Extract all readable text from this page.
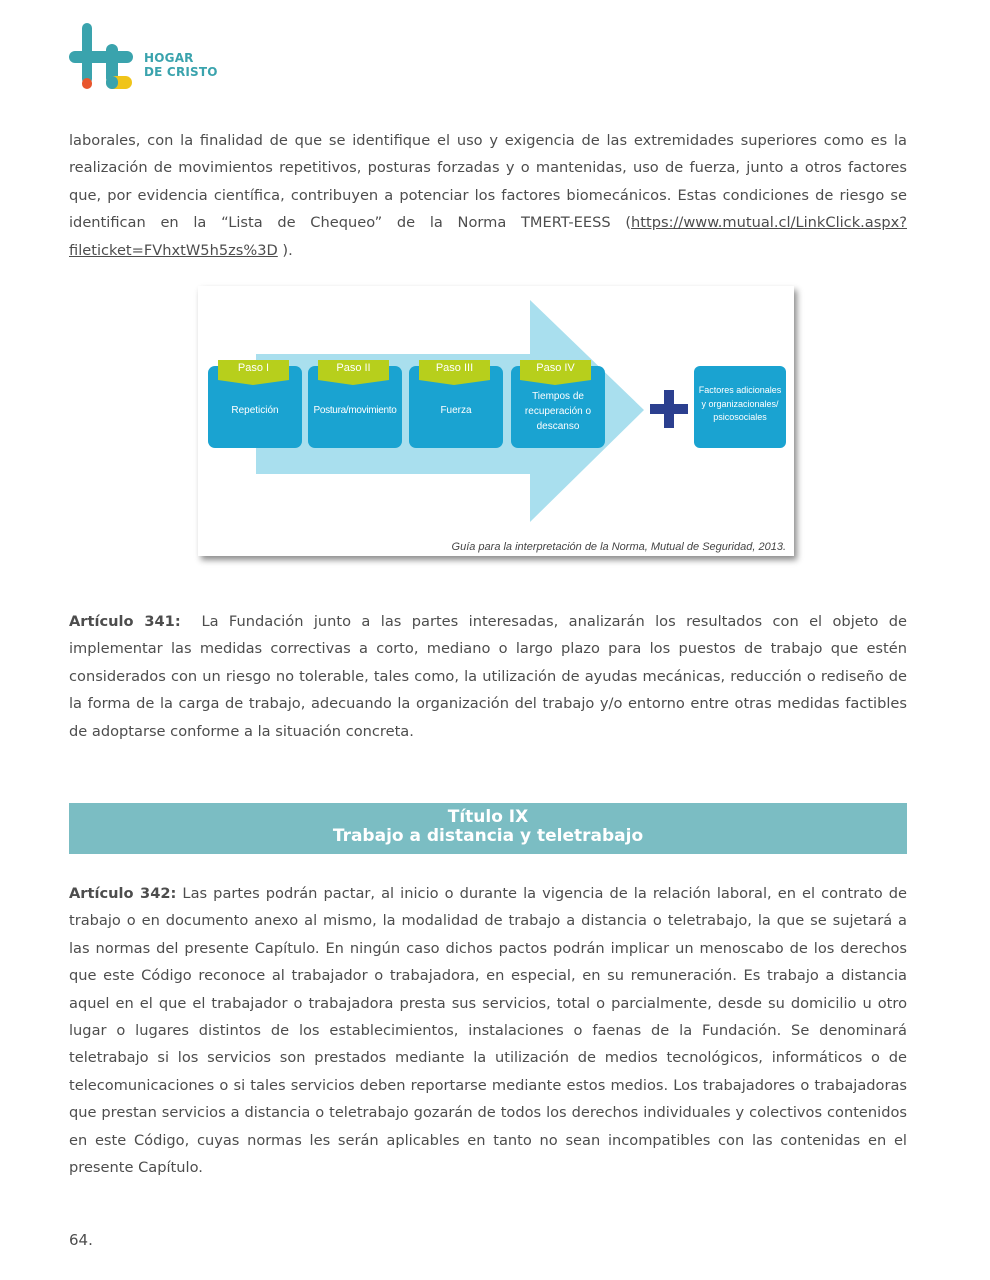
HOGAR
DE CRISTO

laborales, con la finalidad de que se identifique el uso y exigencia de las extremidades superiores como es la realización de movimientos repetitivos, posturas forzadas y o mantenidas, uso de fuerza, junto a otros factores que, por evidencia científica, contribuyen a potenciar los factores biomecánicos. Estas condiciones de riesgo se identifican en la “Lista de Chequeo” de la Norma TMERT-EESS (https://www.mutual.cl/LinkClick.aspx?fileticket=FVhxtW5h5zs%3D ).

Paso I	Paso II	Paso III	Paso IV
Repetición	Postura/movimiento	Fuerza
Tiempos de recuperación o descanso
Factores adicionales y organizacionales/ psicosociales
Guía para la interpretación de la Norma, Mutual de Seguridad, 2013.

Artículo 341:  La Fundación junto a las partes interesadas, analizarán los resultados con el objeto de implementar las medidas correctivas a corto, mediano o largo plazo para los puestos de trabajo que estén considerados con un riesgo no tolerable, tales como, la utilización de ayudas mecánicas, reducción o rediseño de la forma de la carga de trabajo, adecuando la organización del trabajo y/o entorno entre otras medidas factibles de adoptarse conforme a la situación concreta.

Título IX
Trabajo a distancia y teletrabajo

Artículo 342: Las partes podrán pactar, al inicio o durante la vigencia de la relación laboral, en el contrato de trabajo o en documento anexo al mismo, la modalidad de trabajo a distancia o teletrabajo, la que se sujetará a las normas del presente Capítulo. En ningún caso dichos pactos podrán implicar un menoscabo de los derechos que este Código reconoce al trabajador o trabajadora, en especial, en su remuneración. Es trabajo a distancia aquel en el que el trabajador o trabajadora presta sus servicios, total o parcialmente, desde su domicilio u otro lugar o lugares distintos de los establecimientos, instalaciones o faenas de la Fundación. Se denominará teletrabajo si los servicios son prestados mediante la utilización de medios tecnológicos, informáticos o de telecomunicaciones o si tales servicios deben reportarse mediante estos medios. Los trabajadores o trabajadoras que prestan servicios a distancia o teletrabajo gozarán de todos los derechos individuales y colectivos contenidos en este Código, cuyas normas les serán aplicables en tanto no sean incompatibles con las contenidas en el presente Capítulo.

64.
